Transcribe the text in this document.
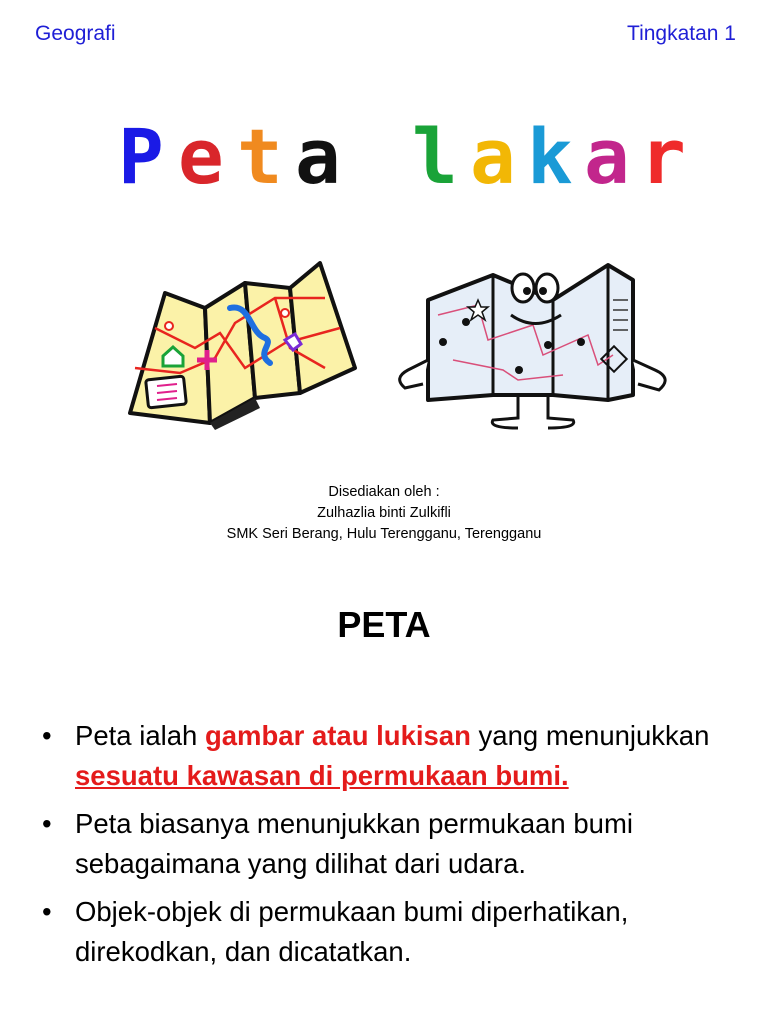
Geografi	Tingkatan 1
P e t a l a k a r
Disediakan oleh :
Zulhazlia binti Zulkifli
SMK Seri Berang, Hulu Terengganu, Terengganu
PETA
• Peta ialah gambar atau lukisan yang menunjukkan sesuatu kawasan di permukaan bumi.
• Peta biasanya menunjukkan permukaan bumi sebagaimana yang dilihat dari udara.
• Objek-objek di permukaan bumi diperhatikan, direkodkan, dan dicatatkan.
